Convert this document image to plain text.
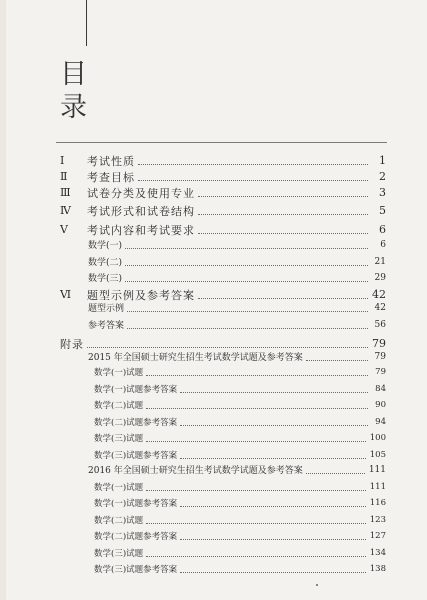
目
录
Ⅰ	考试性质	1
Ⅱ	考查目标	2
Ⅲ	试卷分类及使用专业	3
Ⅳ	考试形式和试卷结构	5
Ⅴ	考试内容和考试要求	6
数学(一)	6
数学(二)	21
数学(三)	29
Ⅵ	题型示例及参考答案	42
题型示例	42
参考答案	56
附录	79
2015 年全国硕士研究生招生考试数学试题及参考答案	79
数学(一)试题	79
数学(一)试题参考答案	84
数学(二)试题	90
数学(二)试题参考答案	94
数学(三)试题	100
数学(三)试题参考答案	105
2016 年全国硕士研究生招生考试数学试题及参考答案	111
数学(一)试题	111
数学(一)试题参考答案	116
数学(二)试题	123
数学(二)试题参考答案	127
数学(三)试题	134
数学(三)试题参考答案	138
